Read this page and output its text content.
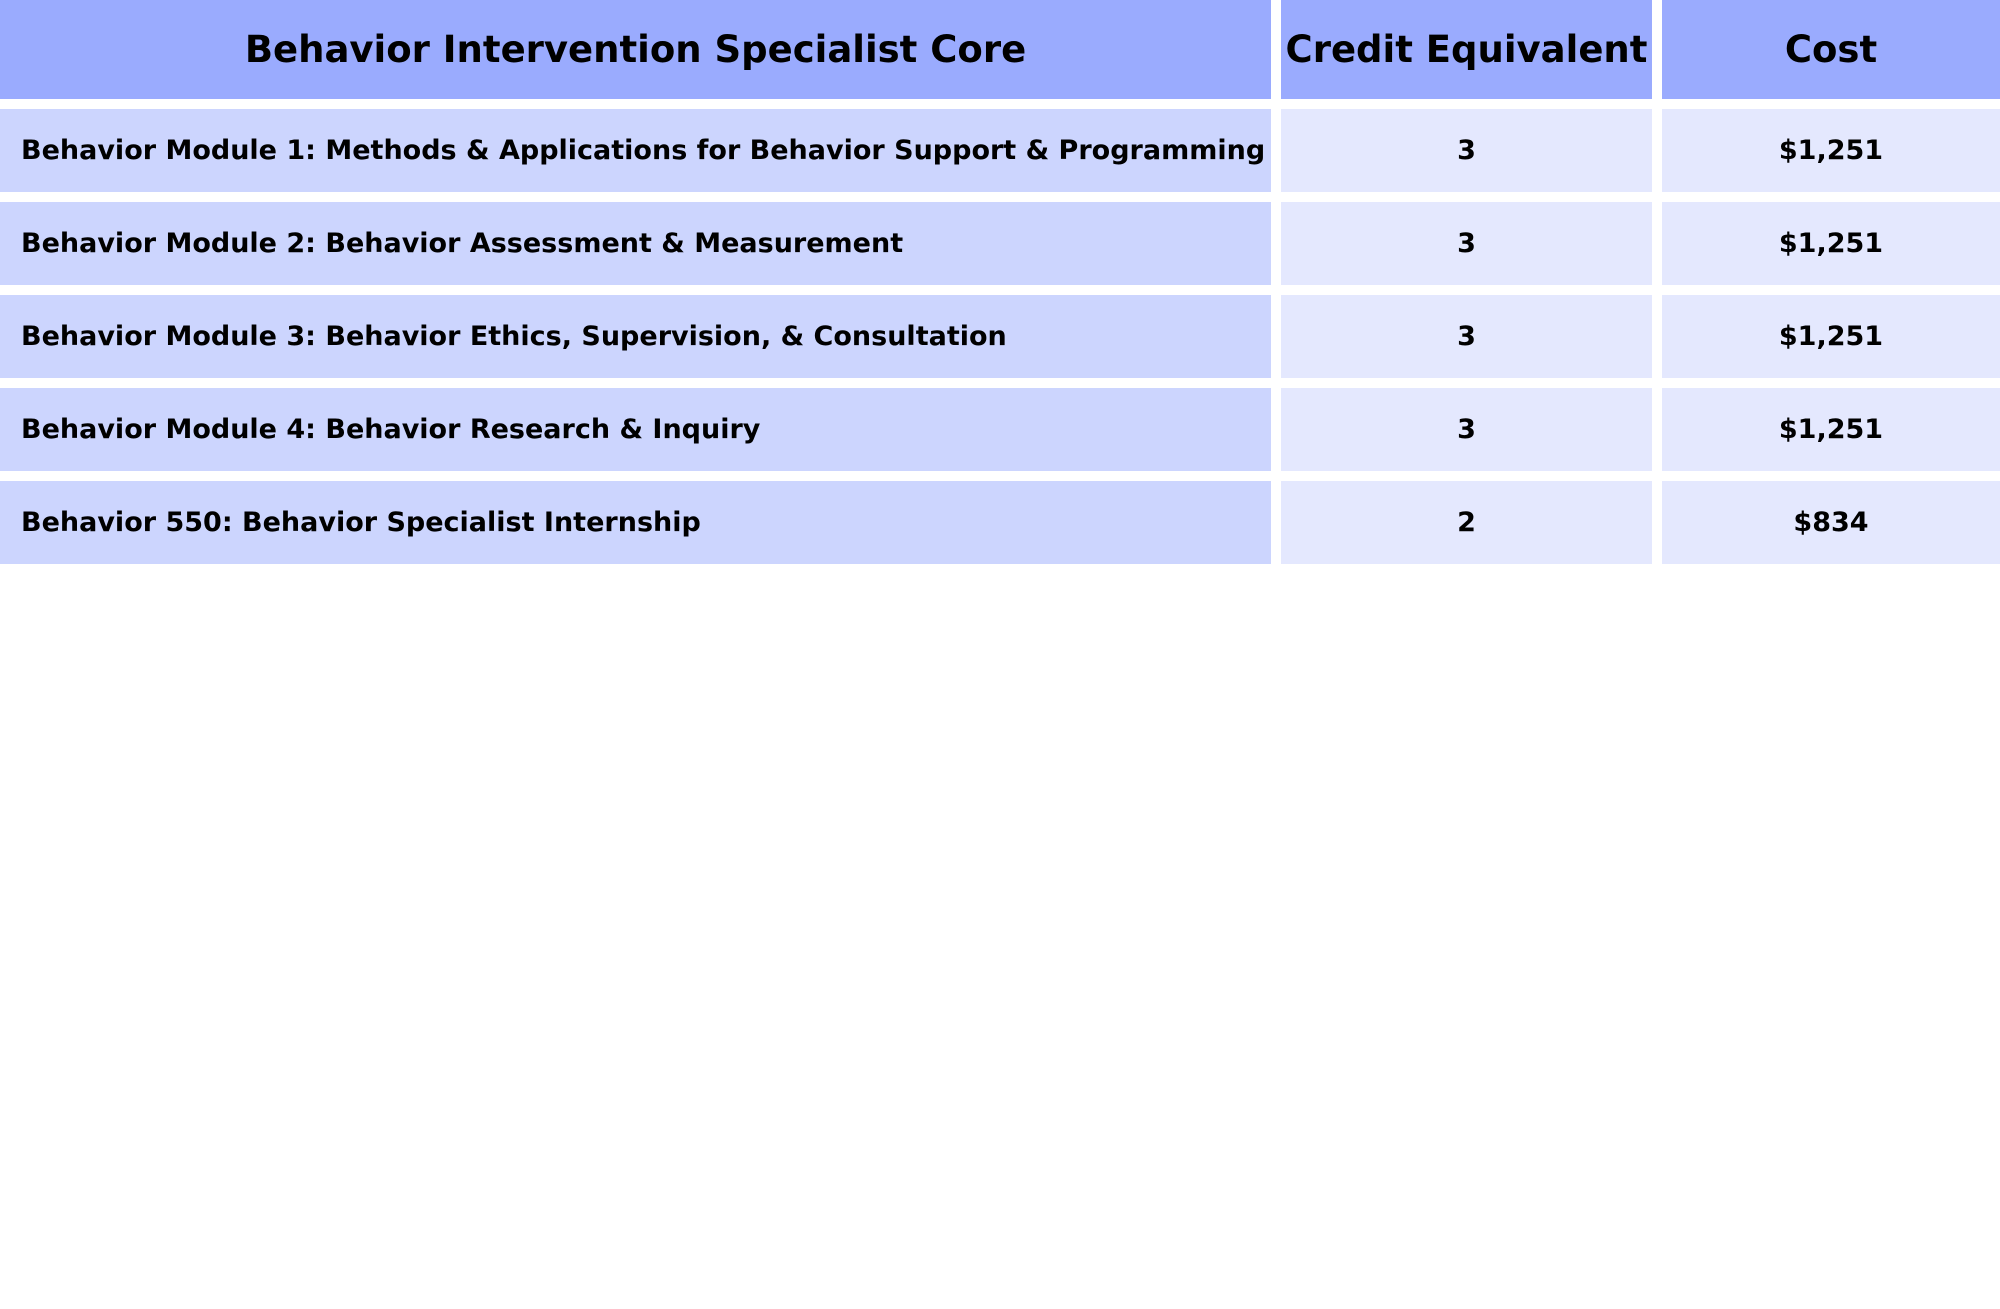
Behavior Intervention Specialist Core	Credit Equivalent	Cost
Behavior Module 1: Methods & Applications for Behavior Support & Programming	3	$1,251
Behavior Module 2: Behavior Assessment & Measurement	3	$1,251
Behavior Module 3: Behavior Ethics, Supervision, & Consultation	3	$1,251
Behavior Module 4: Behavior Research & Inquiry	3	$1,251
Behavior 550: Behavior Specialist Internship	2	$834
